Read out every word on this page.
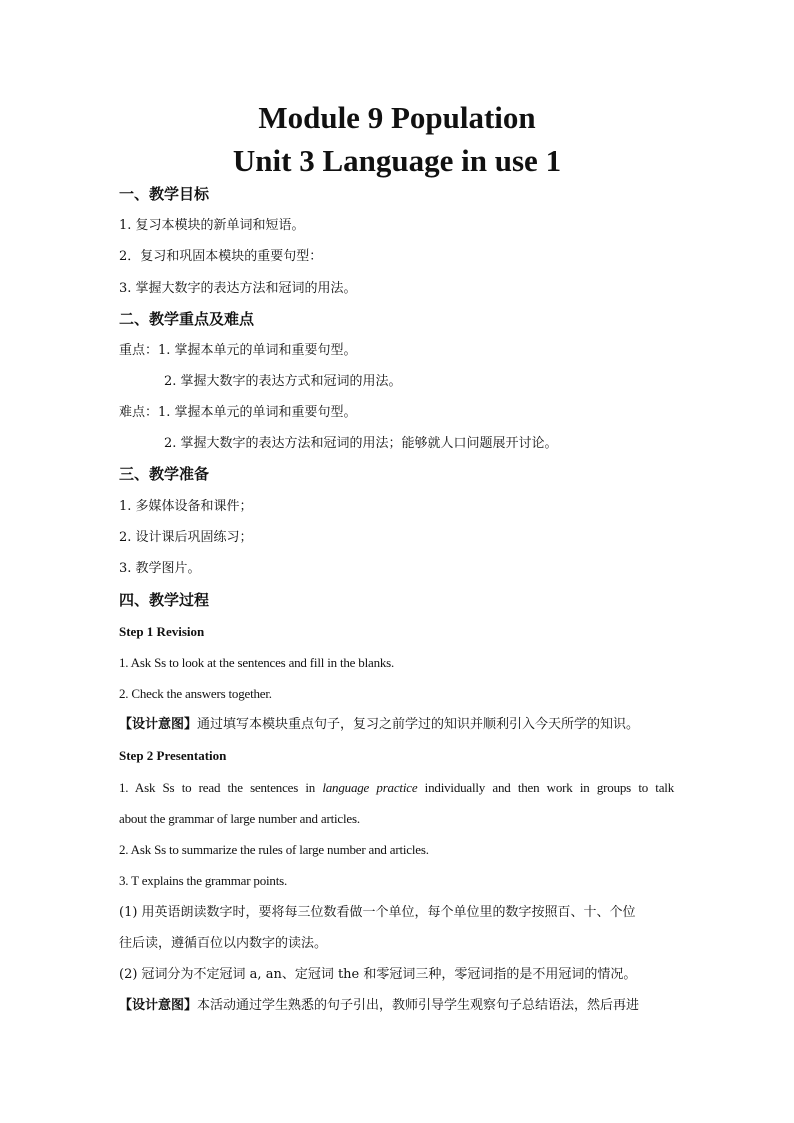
Module 9 Population
Unit 3 Language in use 1
一、教学目标
1. 复习本模块的新单词和短语。
2．复习和巩固本模块的重要句型：
3. 掌握大数字的表达方法和冠词的用法。
二、教学重点及难点
重点：1. 掌握本单元的单词和重要句型。
2. 掌握大数字的表达方式和冠词的用法。
难点：1. 掌握本单元的单词和重要句型。
2. 掌握大数字的表达方法和冠词的用法；能够就人口问题展开讨论。
三、教学准备
1. 多媒体设备和课件；
2. 设计课后巩固练习；
3. 教学图片。
四、教学过程
Step 1 Revision
1. Ask Ss to look at the sentences and fill in the blanks.
2. Check the answers together.
【设计意图】通过填写本模块重点句子，复习之前学过的知识并顺利引入今天所学的知识。
Step 2 Presentation
1. Ask Ss to read the sentences in language practice individually and then work in groups to talk
about the grammar of large number and articles.
2. Ask Ss to summarize the rules of large number and articles.
3. T explains the grammar points.
(1) 用英语朗读数字时，要将每三位数看做一个单位，每个单位里的数字按照百、十、个位
往后读，遵循百位以内数字的读法。
(2) 冠词分为不定冠词 a, an、定冠词 the 和零冠词三种，零冠词指的是不用冠词的情况。
【设计意图】本活动通过学生熟悉的句子引出，教师引导学生观察句子总结语法，然后再进
